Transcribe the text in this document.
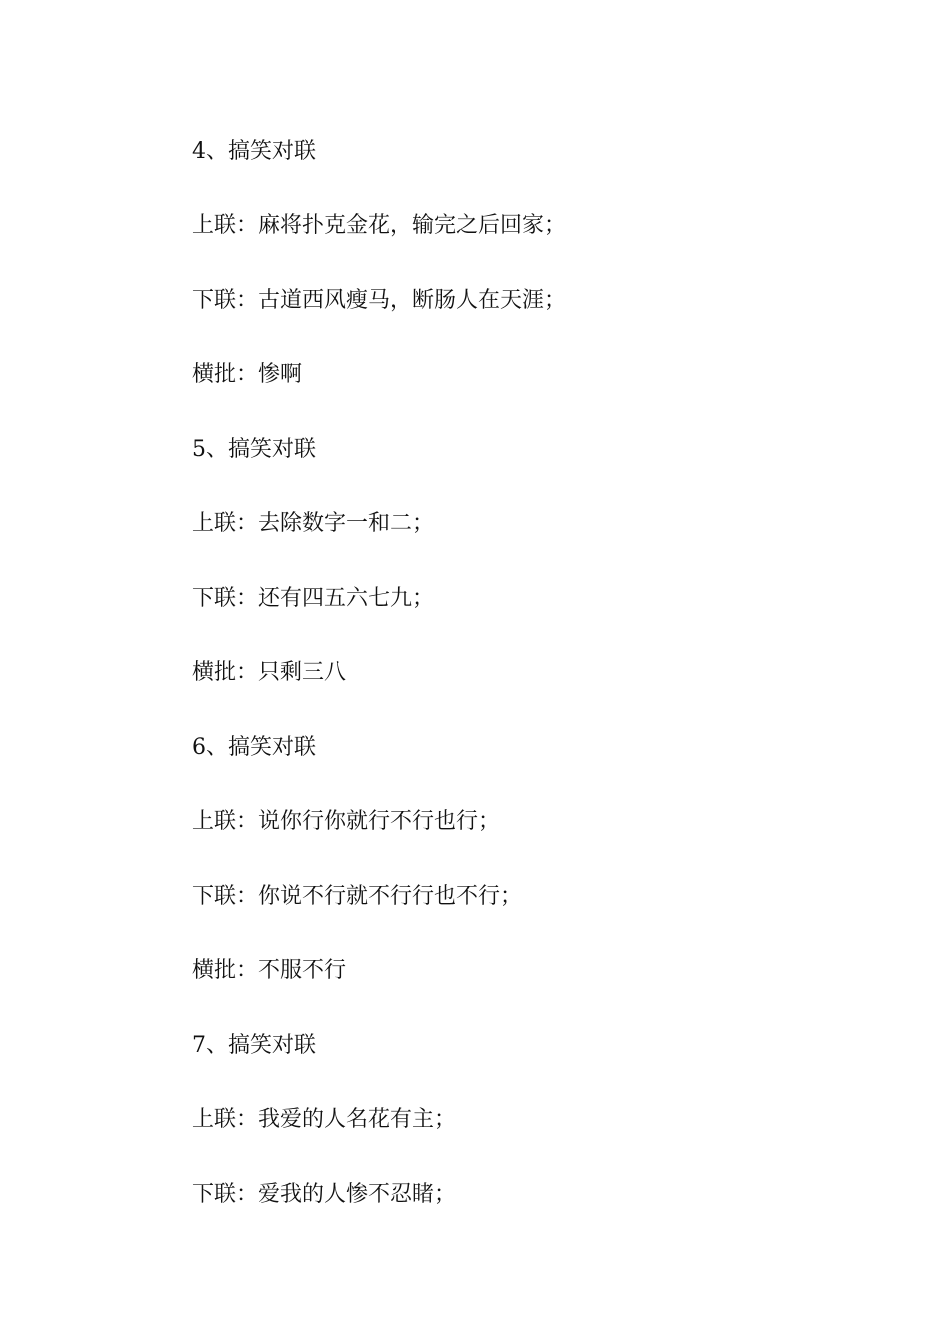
4、搞笑对联

上联：麻将扑克金花，输完之后回家；

下联：古道西风瘦马，断肠人在天涯；

横批：惨啊

5、搞笑对联

上联：去除数字一和二；

下联：还有四五六七九；

横批：只剩三八

6、搞笑对联

上联：说你行你就行不行也行；

下联：你说不行就不行行也不行；

横批：不服不行

7、搞笑对联

上联：我爱的人名花有主；

下联：爱我的人惨不忍睹；
